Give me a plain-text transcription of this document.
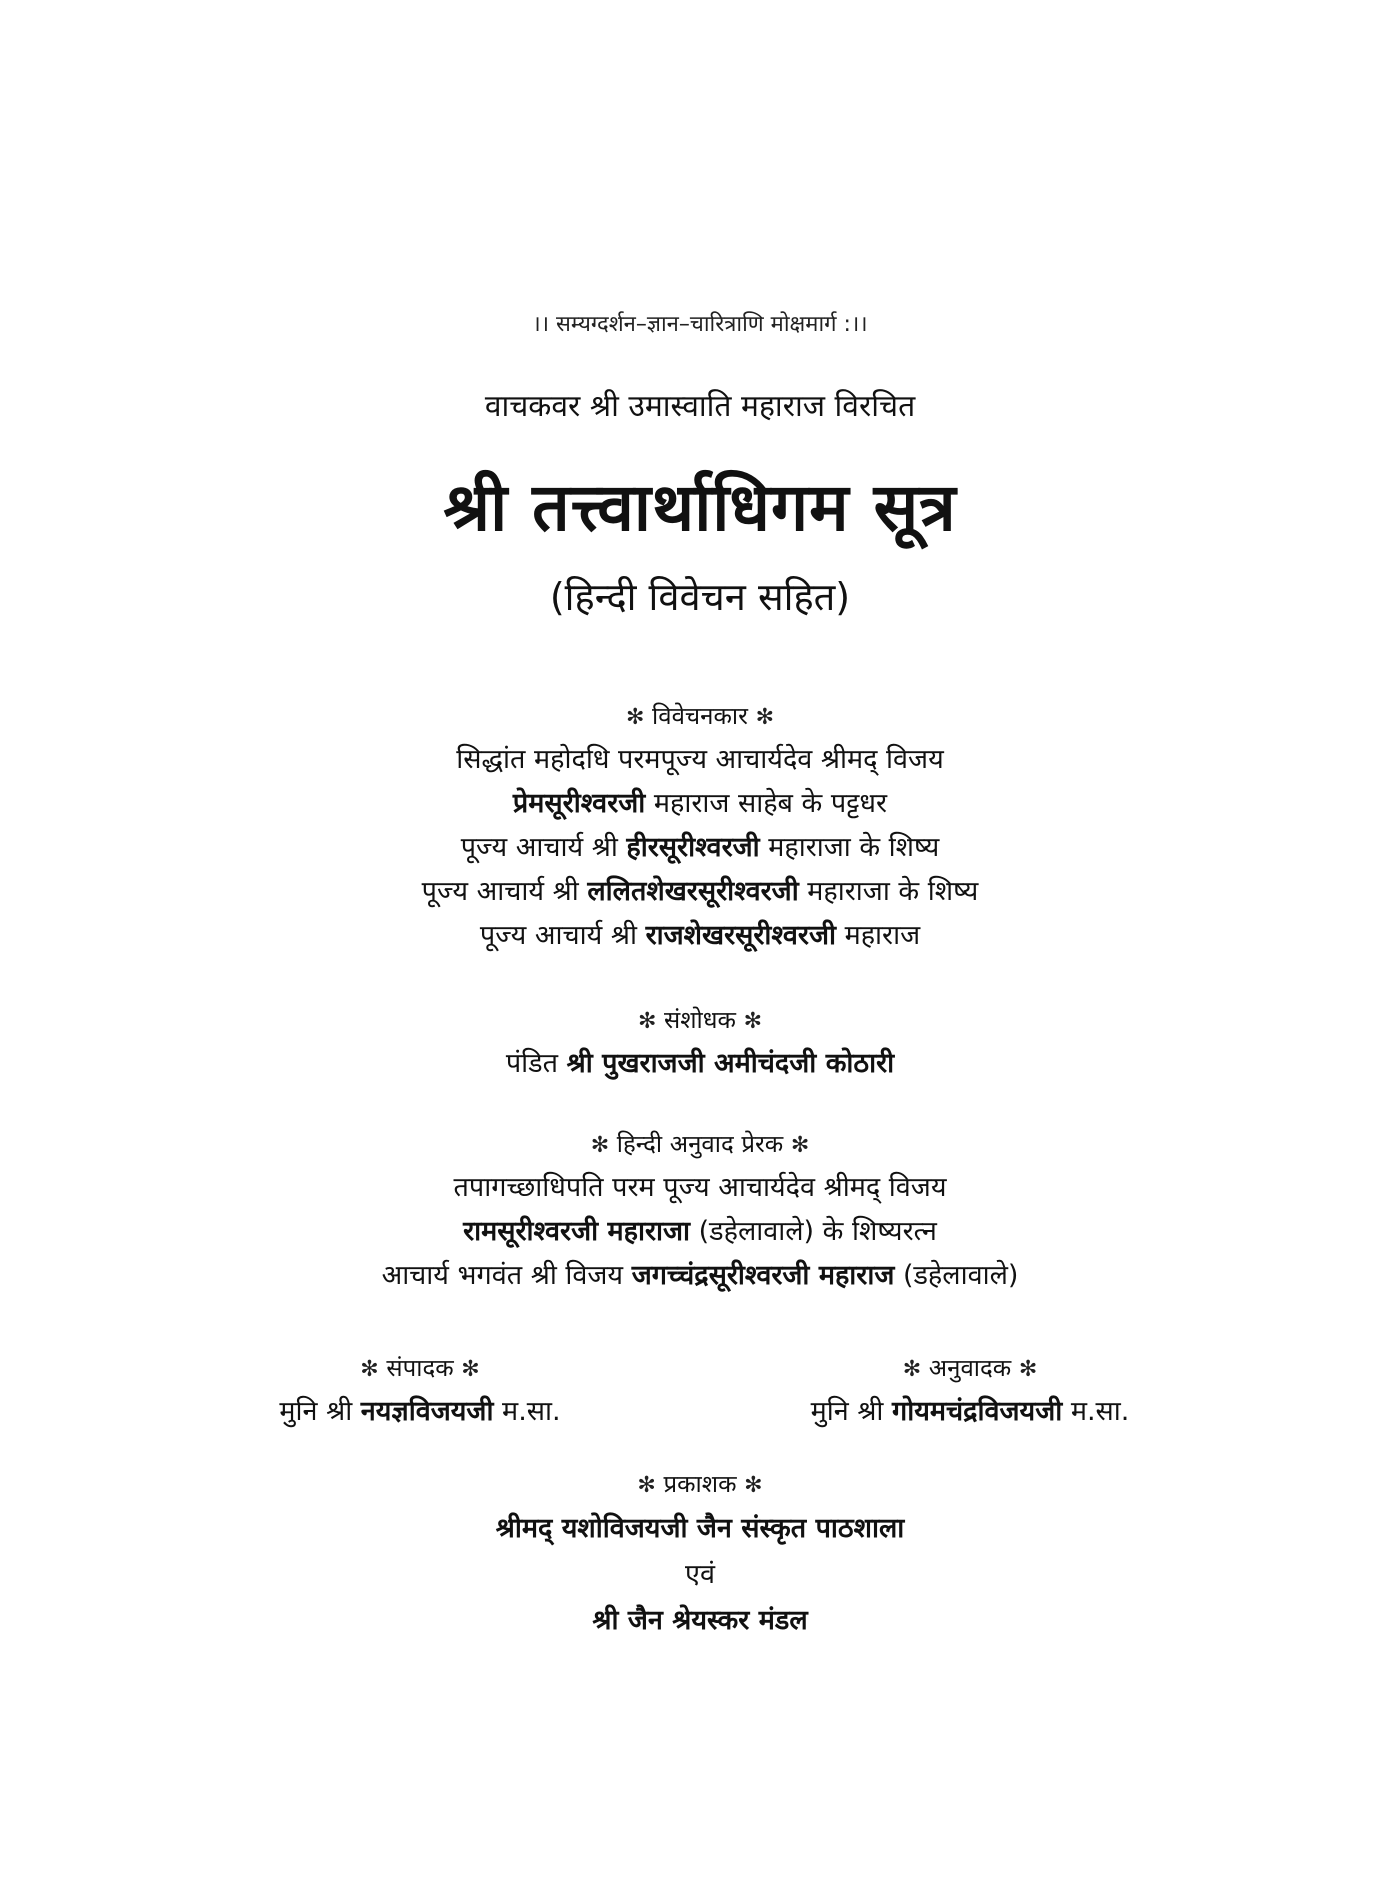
।। सम्यग्दर्शन–ज्ञान–चारित्राणि मोक्षमार्ग :।।
वाचकवर श्री उमास्वाति महाराज विरचित
श्री तत्त्वार्थाधिगम सूत्र
(हिन्दी विवेचन सहित)
✻ विवेचनकार ✻
सिद्धांत महोदधि परमपूज्य आचार्यदेव श्रीमद् विजय
प्रेमसूरीश्वरजी महाराज साहेब के पट्टधर
पूज्य आचार्य श्री हीरसूरीश्वरजी महाराजा के शिष्य
पूज्य आचार्य श्री ललितशेखरसूरीश्वरजी महाराजा के शिष्य
पूज्य आचार्य श्री राजशेखरसूरीश्वरजी महाराज
✻ संशोधक ✻
पंडित श्री पुखराजजी अमीचंदजी कोठारी
✻ हिन्दी अनुवाद प्रेरक ✻
तपागच्छाधिपति परम पूज्य आचार्यदेव श्रीमद् विजय
रामसूरीश्वरजी महाराजा (डहेलावाले) के शिष्यरत्न
आचार्य भगवंत श्री विजय जगच्चंद्रसूरीश्वरजी महाराज (डहेलावाले)
✻ संपादक ✻
मुनि श्री नयज्ञविजयजी म.सा.
✻ अनुवादक ✻
मुनि श्री गोयमचंद्रविजयजी म.सा.
✻ प्रकाशक ✻
श्रीमद् यशोविजयजी जैन संस्कृत पाठशाला
एवं
श्री जैन श्रेयस्कर मंडल
